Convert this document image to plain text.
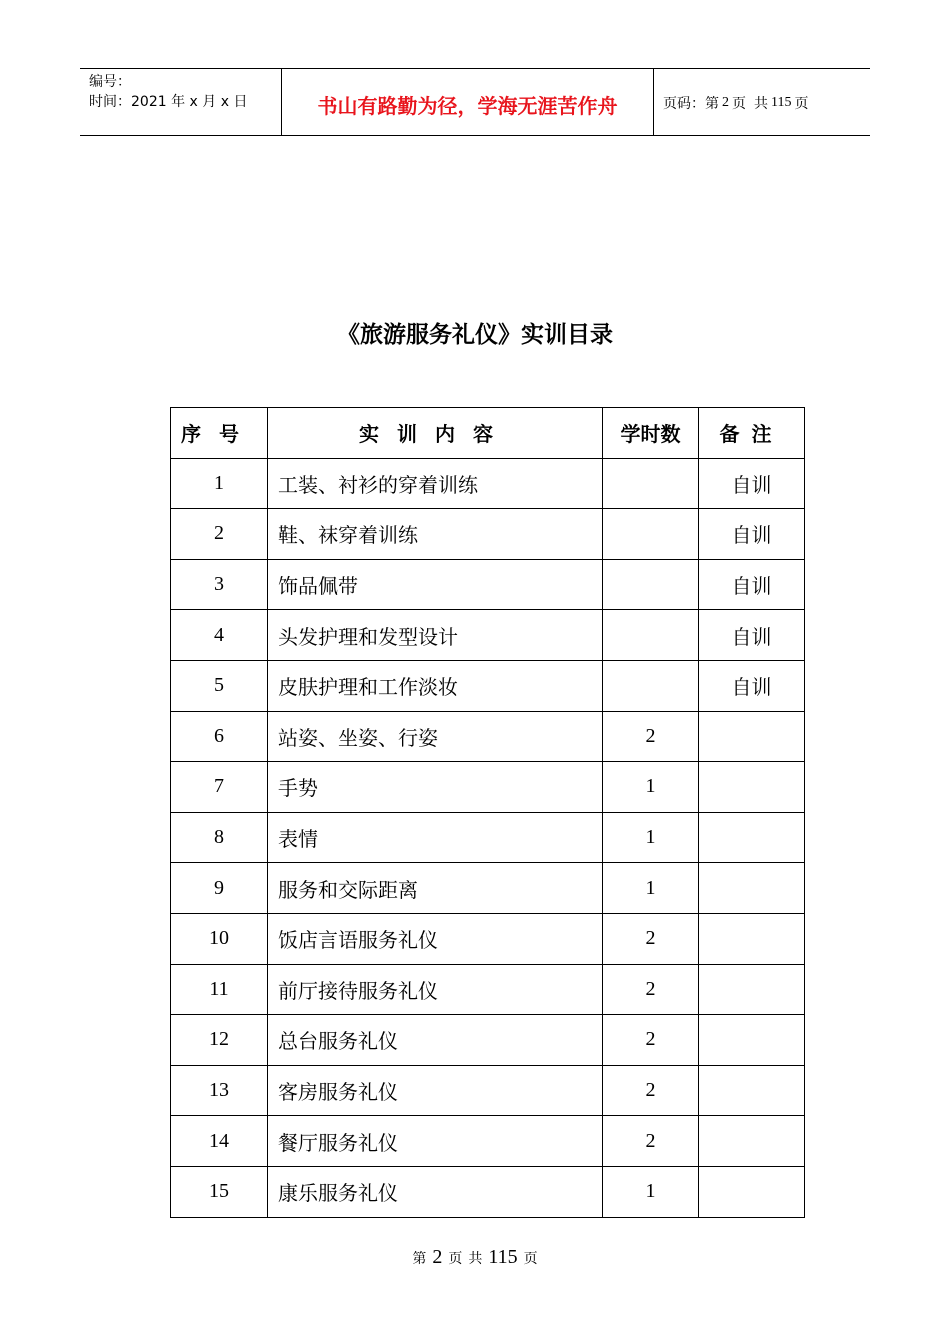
编号：
时间：2021 年 x 月 x 日	书山有路勤为径，学海无涯苦作舟	页码：第 2 页 共 115 页
《旅游服务礼仪》实训目录
序号	实训内容	学时数	备注
1	工装、衬衫的穿着训练		自训
2	鞋、袜穿着训练		自训
3	饰品佩带		自训
4	头发护理和发型设计		自训
5	皮肤护理和工作淡妆		自训
6	站姿、坐姿、行姿	2	
7	手势	1	
8	表情	1	
9	服务和交际距离	1	
10	饭店言语服务礼仪	2	
11	前厅接待服务礼仪	2	
12	总台服务礼仪	2	
13	客房服务礼仪	2	
14	餐厅服务礼仪	2	
15	康乐服务礼仪	1	
第 2 页 共 115 页
